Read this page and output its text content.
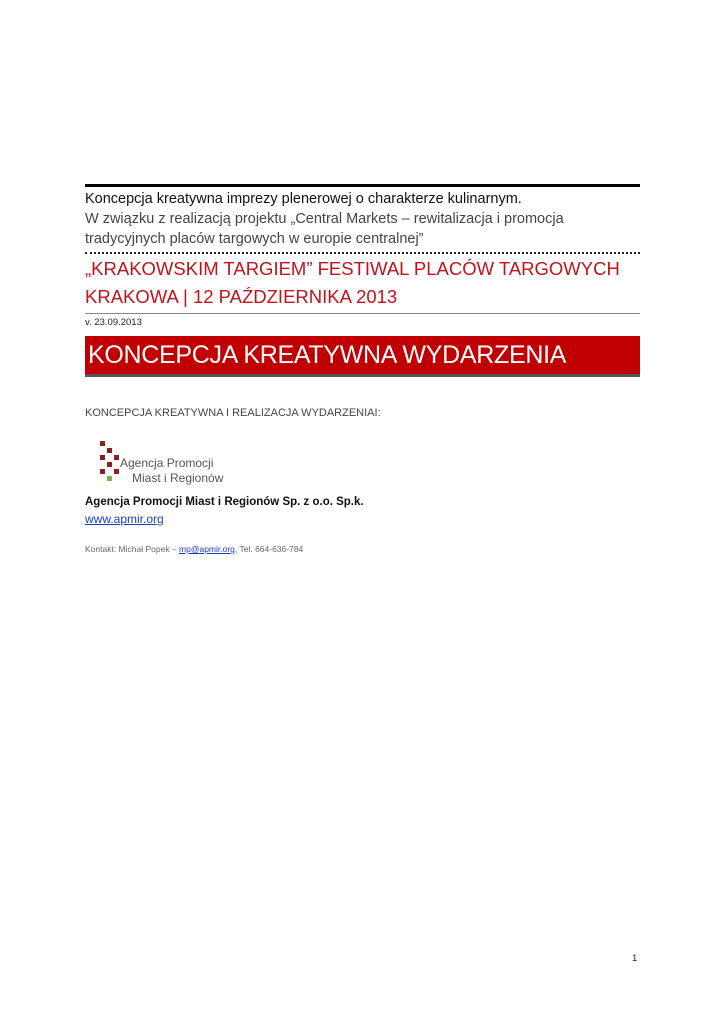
Koncepcja kreatywna imprezy plenerowej o charakterze kulinarnym.
W związku z realizacją projektu „Central Markets – rewitalizacja i promocja
tradycyjnych placów targowych w europie centralnej”
„KRAKOWSKIM TARGIEM” FESTIWAL PLACÓW TARGOWYCH
KRAKOWA | 12 PAŹDZIERNIKA 2013
v. 23.09.2013
KONCEPCJA KREATYWNA WYDARZENIA
KONCEPCJA KREATYWNA I REALIZACJA WYDARZENIAI:
Agencja Promocji
Miast i Regionów
Agencja Promocji Miast i Regionów Sp. z o.o. Sp.k.
www.apmir.org
Kontakt: Michał Popek – mp@apmir.org, Tel. 664-636-784
1
